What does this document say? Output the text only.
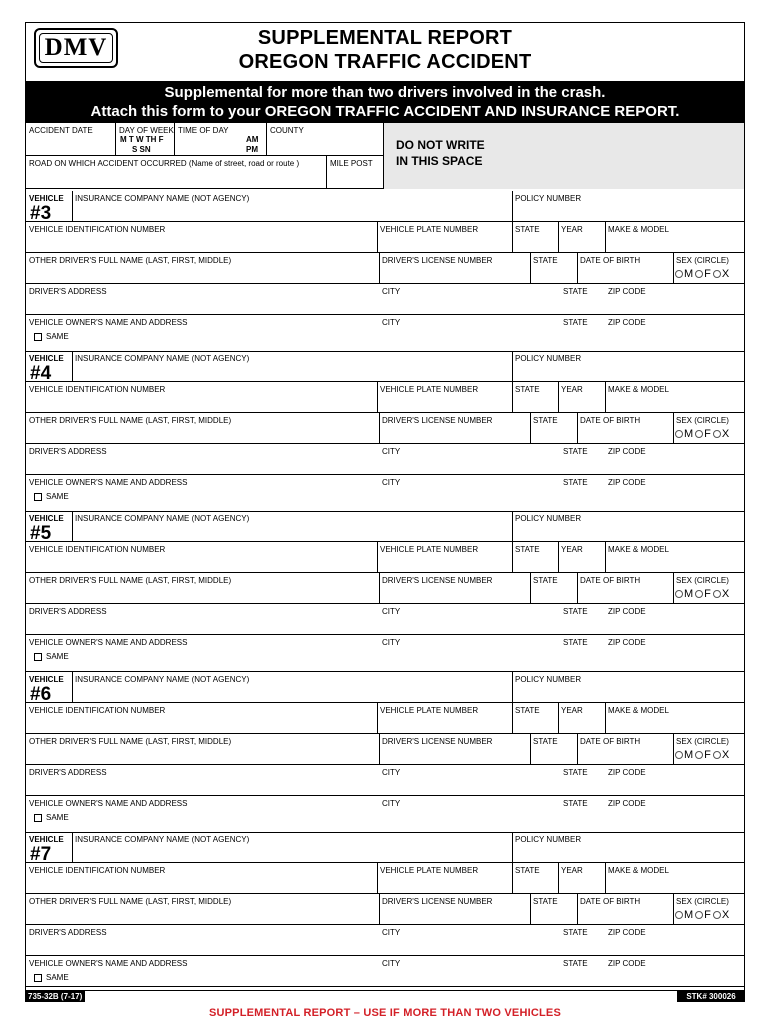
DMV	SUPPLEMENTAL REPORT
OREGON TRAFFIC ACCIDENT
Supplemental for more than two drivers involved in the crash.
Attach this form to your OREGON TRAFFIC ACCIDENT AND INSURANCE REPORT.
ACCIDENT DATE	DAY OF WEEK
M T W TH F
S SN
TIME OF DAY
AM
PM
COUNTY
ROAD ON WHICH ACCIDENT OCCURRED (Name of street, road or route )	MILE POST
DO NOT WRITE
IN THIS SPACE
VEHICLE
#3
INSURANCE COMPANY NAME (NOT AGENCY)	POLICY NUMBER
VEHICLE IDENTIFICATION NUMBER	VEHICLE PLATE NUMBER	STATE	YEAR	MAKE & MODEL
OTHER DRIVER'S FULL NAME (LAST, FIRST, MIDDLE)	DRIVER'S LICENSE NUMBER	STATE	DATE OF BIRTH	SEX (CIRCLE)
M F X
DRIVER'S ADDRESS	CITY	STATE	ZIP CODE
VEHICLE OWNER'S NAME AND ADDRESS	CITY	STATE	ZIP CODE
SAME
VEHICLE
#4
INSURANCE COMPANY NAME (NOT AGENCY)	POLICY NUMBER
VEHICLE IDENTIFICATION NUMBER	VEHICLE PLATE NUMBER	STATE	YEAR	MAKE & MODEL
OTHER DRIVER'S FULL NAME (LAST, FIRST, MIDDLE)	DRIVER'S LICENSE NUMBER	STATE	DATE OF BIRTH	SEX (CIRCLE)
M F X
DRIVER'S ADDRESS	CITY	STATE	ZIP CODE
VEHICLE OWNER'S NAME AND ADDRESS	CITY	STATE	ZIP CODE
SAME
VEHICLE
#5
INSURANCE COMPANY NAME (NOT AGENCY)	POLICY NUMBER
VEHICLE IDENTIFICATION NUMBER	VEHICLE PLATE NUMBER	STATE	YEAR	MAKE & MODEL
OTHER DRIVER'S FULL NAME (LAST, FIRST, MIDDLE)	DRIVER'S LICENSE NUMBER	STATE	DATE OF BIRTH	SEX (CIRCLE)
M F X
DRIVER'S ADDRESS	CITY	STATE	ZIP CODE
VEHICLE OWNER'S NAME AND ADDRESS	CITY	STATE	ZIP CODE
SAME
VEHICLE
#6
INSURANCE COMPANY NAME (NOT AGENCY)	POLICY NUMBER
VEHICLE IDENTIFICATION NUMBER	VEHICLE PLATE NUMBER	STATE	YEAR	MAKE & MODEL
OTHER DRIVER'S FULL NAME (LAST, FIRST, MIDDLE)	DRIVER'S LICENSE NUMBER	STATE	DATE OF BIRTH	SEX (CIRCLE)
M F X
DRIVER'S ADDRESS	CITY	STATE	ZIP CODE
VEHICLE OWNER'S NAME AND ADDRESS	CITY	STATE	ZIP CODE
SAME
VEHICLE
#7
INSURANCE COMPANY NAME (NOT AGENCY)	POLICY NUMBER
VEHICLE IDENTIFICATION NUMBER	VEHICLE PLATE NUMBER	STATE	YEAR	MAKE & MODEL
OTHER DRIVER'S FULL NAME (LAST, FIRST, MIDDLE)	DRIVER'S LICENSE NUMBER	STATE	DATE OF BIRTH	SEX (CIRCLE)
M F X
DRIVER'S ADDRESS	CITY	STATE	ZIP CODE
VEHICLE OWNER'S NAME AND ADDRESS	CITY	STATE	ZIP CODE
SAME
735-32B (7-17)	STK# 300026
SUPPLEMENTAL REPORT – USE IF MORE THAN TWO VEHICLES
